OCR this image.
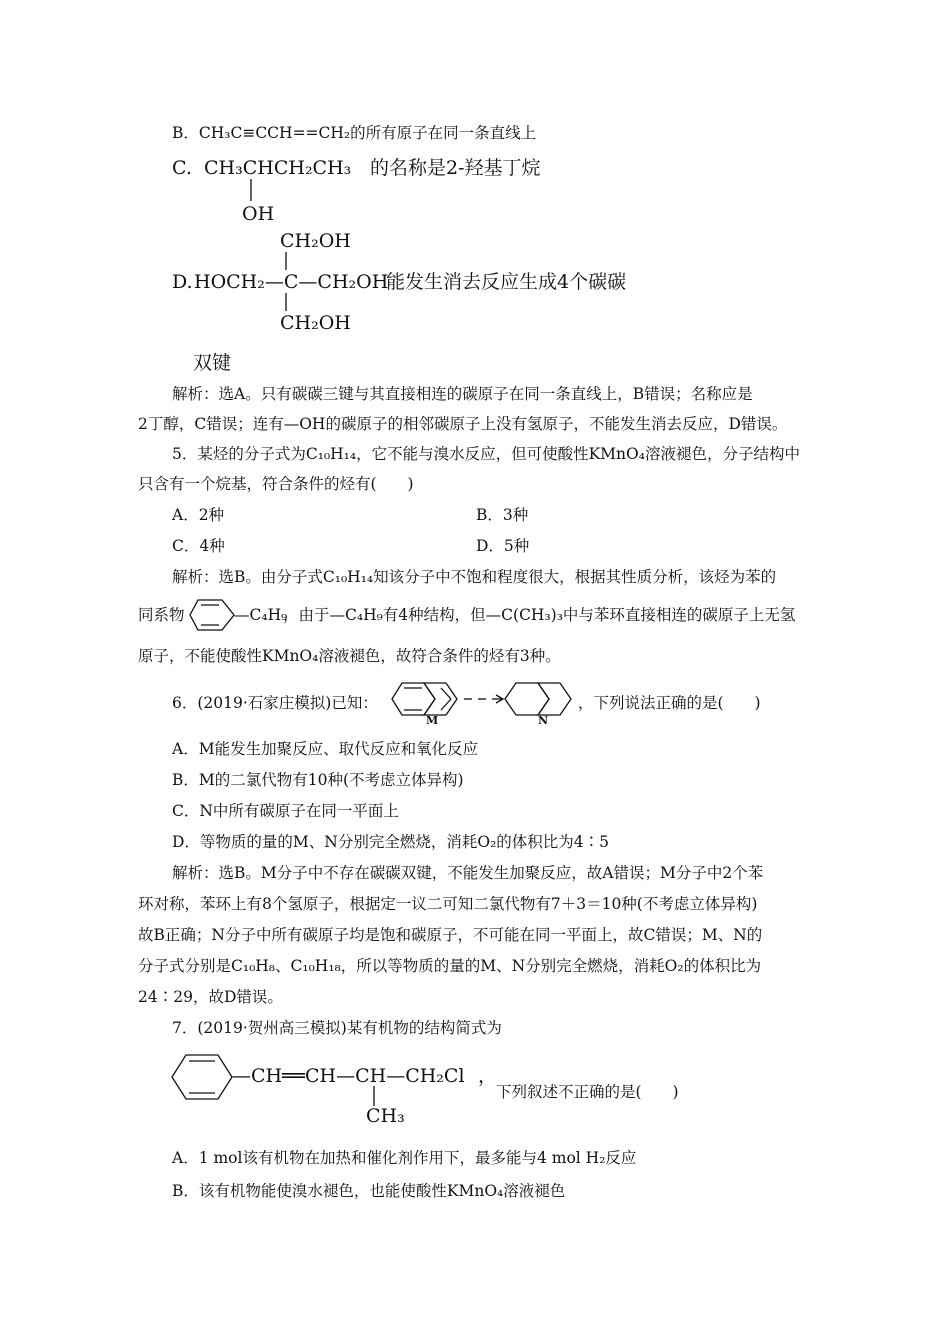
B．CH₃C≡CCH==CH₂的所有原子在同一条直线上
C. CH₃CHCH₂CH₃
OH
的名称是2-羟基丁烷
CH₂OH
D. HOCH₂—C—CH₂OH
CH₂OH
能发生消去反应生成4个碳碳
双键
解析：选A。只有碳碳三键与其直接相连的碳原子在同一条直线上，B错误；名称应是
2丁醇，C错误；连有—OH的碳原子的相邻碳原子上没有氢原子，不能发生消去反应，D错误。
5．某烃的分子式为C₁₀H₁₄，它不能与溴水反应，但可使酸性KMnO₄溶液褪色，分子结构中
只含有一个烷基，符合条件的烃有(　　)
A．2种	B．3种
C．4种	D．5种
解析：选B。由分子式C₁₀H₁₄知该分子中不饱和程度很大，根据其性质分析，该烃为苯的
同系物	—C₄H₉
，由于—C₄H₉有4种结构，但—C(CH₃)₃中与苯环直接相连的碳原子上无氢
原子，不能使酸性KMnO₄溶液褪色，故符合条件的烃有3种。
6．(2019·石家庄模拟)已知：
M	N
，下列说法正确的是(　　)
A．M能发生加聚反应、取代反应和氧化反应
B．M的二氯代物有10种(不考虑立体异构)
C．N中所有碳原子在同一平面上
D．等物质的量的M、N分别完全燃烧，消耗O₂的体积比为4∶5
解析：选B。M分子中不存在碳碳双键，不能发生加聚反应，故A错误；M分子中2个苯
环对称，苯环上有8个氢原子，根据定一议二可知二氯代物有7＋3＝10种(不考虑立体异构)
故B正确；N分子中所有碳原子均是饱和碳原子，不可能在同一平面上，故C错误；M、N的
分子式分别是C₁₀H₈、C₁₀H₁₈，所以等物质的量的M、N分别完全燃烧，消耗O₂的体积比为
24∶29，故D错误。
7．(2019·贺州高三模拟)某有机物的结构简式为
—CH══CH—CH—CH₂Cl
CH₃
，
下列叙述不正确的是(　　)
A．1 mol该有机物在加热和催化剂作用下，最多能与4 mol H₂反应
B．该有机物能使溴水褪色，也能使酸性KMnO₄溶液褪色
